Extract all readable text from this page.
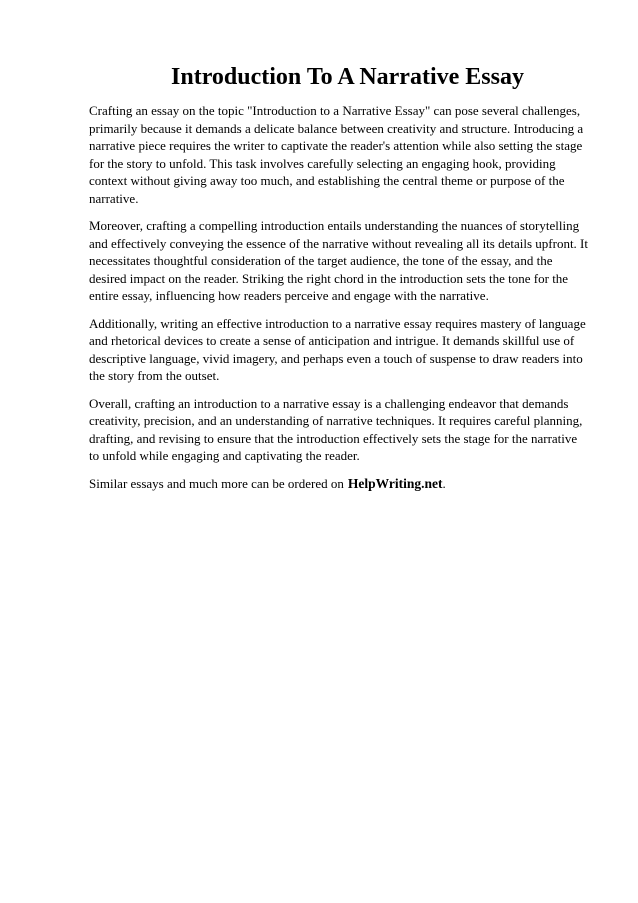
Introduction To A Narrative Essay

Crafting an essay on the topic "Introduction to a Narrative Essay" can pose several challenges, primarily because it demands a delicate balance between creativity and structure. Introducing a narrative piece requires the writer to captivate the reader's attention while also setting the stage for the story to unfold. This task involves carefully selecting an engaging hook, providing context without giving away too much, and establishing the central theme or purpose of the narrative.

Moreover, crafting a compelling introduction entails understanding the nuances of storytelling and effectively conveying the essence of the narrative without revealing all its details upfront. It necessitates thoughtful consideration of the target audience, the tone of the essay, and the desired impact on the reader. Striking the right chord in the introduction sets the tone for the entire essay, influencing how readers perceive and engage with the narrative.

Additionally, writing an effective introduction to a narrative essay requires mastery of language and rhetorical devices to create a sense of anticipation and intrigue. It demands skillful use of descriptive language, vivid imagery, and perhaps even a touch of suspense to draw readers into the story from the outset.

Overall, crafting an introduction to a narrative essay is a challenging endeavor that demands creativity, precision, and an understanding of narrative techniques. It requires careful planning, drafting, and revising to ensure that the introduction effectively sets the stage for the narrative to unfold while engaging and captivating the reader.

Similar essays and much more can be ordered on HelpWriting.net.
